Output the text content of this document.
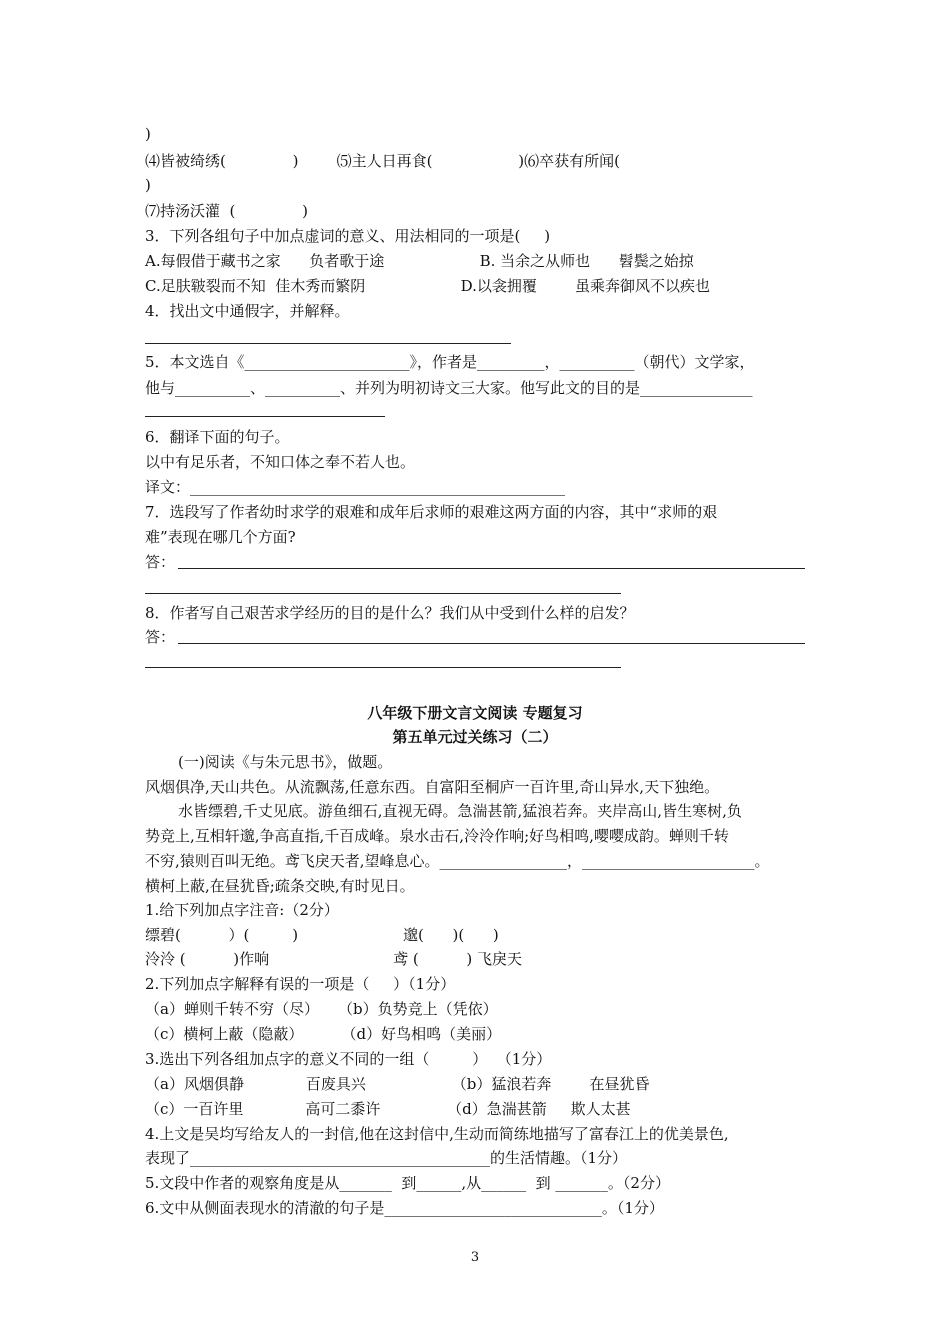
)
⑷皆被绮绣(              )        ⑸主人日再食(                  )⑹卒获有所闻(
)
⑺持汤沃灌  (              )
3．下列各组句子中加点虚词的意义、用法相同的一项是(     )
A.每假借于藏书之家      负者歌于途                    B. 当余之从师也      髫鬓之始掠
C.足肤皲裂而不知  佳木秀而繁阴                    D.以衾拥覆        虽乘奔御风不以疾也
4．找出文中通假字，并解释。
5．本文选自《______________________》，作者是_________，__________（朝代）文学家，
他与__________、__________、并列为明初诗文三大家。他写此文的目的是_______________
6．翻译下面的句子。
以中有足乐者，不知口体之奉不若人也。
译文：__________________________________________________
7．选段写了作者幼时求学的艰难和成年后求师的艰难这两方面的内容，其中“求师的艰
难”表现在哪几个方面?
答：
8．作者写自己艰苦求学经历的目的是什么？我们从中受到什么样的启发？
答：
八年级下册文言文阅读 专题复习
第五单元过关练习（二）
(一)阅读《与朱元思书》，做题。
风烟俱净,天山共色。从流飘荡,任意东西。自富阳至桐庐一百许里,奇山异水,天下独绝。
水皆缥碧,千丈见底。游鱼细石,直视无碍。急湍甚箭,猛浪若奔。夹岸高山,皆生寒树,负
势竞上,互相轩邈,争高直指,千百成峰。泉水击石,泠泠作响;好鸟相鸣,嘤嘤成韵。蝉则千转
不穷,猿则百叫无绝。鸢飞戾天者,望峰息心。_________________，_______________________。
横柯上蔽,在昼犹昏;疏条交映,有时见日。
1.给下列加点字注音:（2分）
缥碧(          ）(         )                      邈(      )(      )
泠泠 (          )作响                          鸢 (          ) 飞戾天
2.下列加点字解释有误的一项是（     ）（1分）
（a）蝉则千转不穷（尽）    （b）负势竞上（凭依）
（c）横柯上蔽（隐蔽）        （d）好鸟相鸣（美丽）
3.选出下列各组加点字的意义不同的一组（         ）  （1分）
（a）风烟俱静             百废具兴                  （b）猛浪若奔        在昼犹昏
（c）一百许里             高可二黍许              （d）急湍甚箭     欺人太甚
4.上文是吴均写给友人的一封信,他在这封信中,生动而简练地描写了富春江上的优美景色,
表现了________________________________________的生活情趣。（1分）
5.文段中作者的观察角度是从_______  到______,从______  到 _______。（2分）
6.文中从侧面表现水的清澈的句子是_____________________________。（1分）
3
